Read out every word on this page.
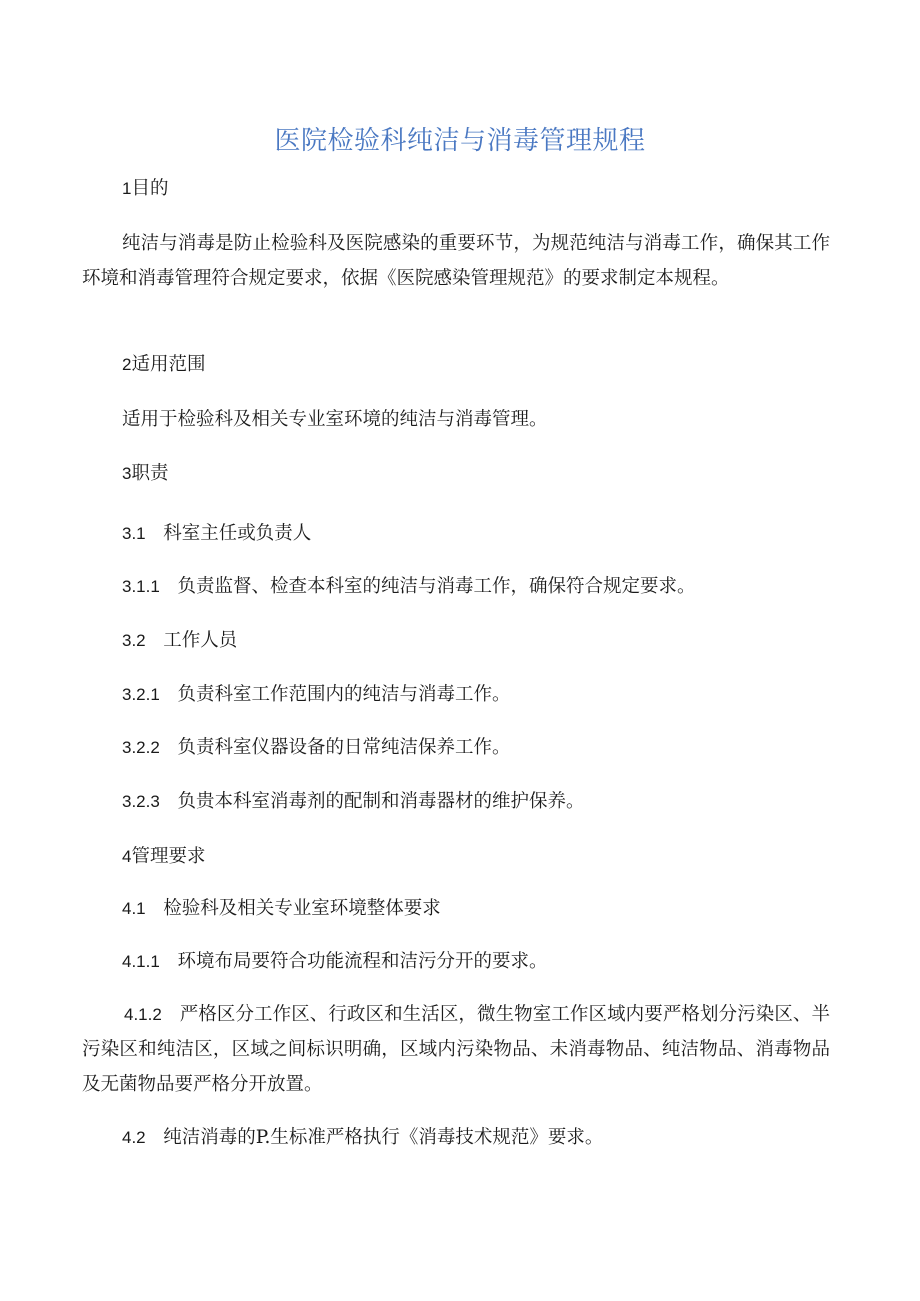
医院检验科纯洁与消毒管理规程
1目的
纯洁与消毒是防止检验科及医院感染的重要环节，为规范纯洁与消毒工作，确保其工作环境和消毒管理符合规定要求，依据《医院感染管理规范》的要求制定本规程。
2适用范围
适用于检验科及相关专业室环境的纯洁与消毒管理。
3职责
3.1 科室主任或负责人
3.1.1 负责监督、检查本科室的纯洁与消毒工作，确保符合规定要求。
3.2 工作人员
3.2.1 负责科室工作范围内的纯洁与消毒工作。
3.2.2 负责科室仪器设备的日常纯洁保养工作。
3.2.3 负贵本科室消毒剂的配制和消毒器材的维护保养。
4管理要求
4.1 检验科及相关专业室环境整体要求
4.1.1 环境布局要符合功能流程和洁污分开的要求。
4.1.2 严格区分工作区、行政区和生活区，微生物室工作区域内要严格划分污染区、半污染区和纯洁区，区域之间标识明确，区域内污染物品、未消毒物品、纯洁物品、消毒物品及无菌物品要严格分开放置。
4.2 纯洁消毒的P.生标准严格执行《消毒技术规范》要求。
